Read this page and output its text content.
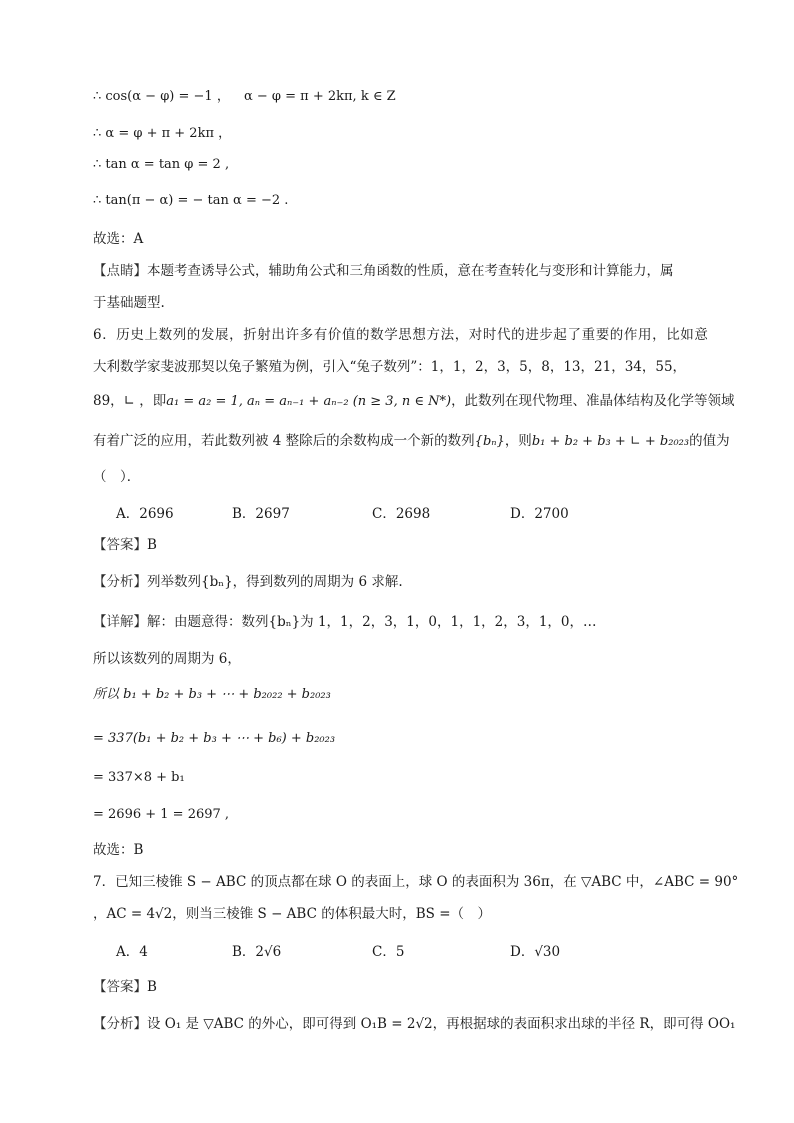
∴ cos(α − φ) = −1 ， α − φ = π + 2kπ, k ∈ Z
∴ α = φ + π + 2kπ ，
∴ tan α = tan φ = 2 ,
∴ tan(π − α) = − tan α = −2 .
故选：A
【点睛】本题考查诱导公式，辅助角公式和三角函数的性质，意在考查转化与变形和计算能力，属
于基础题型.
6．历史上数列的发展，折射出许多有价值的数学思想方法，对时代的进步起了重要的作用，比如意
大利数学家斐波那契以兔子繁殖为例，引入“兔子数列”：1，1，2，3，5，8，13，21，34，55，
89，∟ ，即a₁ = a₂ = 1, aₙ = aₙ₋₁ + aₙ₋₂ (n ≥ 3, n ∈ N*)，此数列在现代物理、准晶体结构及化学等领域
有着广泛的应用，若此数列被 4 整除后的余数构成一个新的数列{bₙ}，则b₁ + b₂ + b₃ + ∟ + b₂₀₂₃的值为
（　）．
A．2696	B．2697	C．2698	D．2700
【答案】B
【分析】列举数列{bₙ}，得到数列的周期为 6 求解.
【详解】解：由题意得：数列{bₙ}为 1，1，2，3，1，0，1，1，2，3，1，0，…
所以该数列的周期为 6，
所以 b₁ + b₂ + b₃ + ⋯ + b₂₀₂₂ + b₂₀₂₃
= 337(b₁ + b₂ + b₃ + ⋯ + b₆) + b₂₀₂₃
= 337×8 + b₁
= 2696 + 1 = 2697 ,
故选：B
7．已知三棱锥 S − ABC 的顶点都在球 O 的表面上，球 O 的表面积为 36π，在 ▽ABC 中，∠ABC = 90°
，AC = 4√2，则当三棱锥 S − ABC 的体积最大时，BS =（　）
A．4	B．2√6	C．5	D．√30
【答案】B
【分析】设 O₁ 是 ▽ABC 的外心，即可得到 O₁B = 2√2，再根据球的表面积求出球的半径 R，即可得 OO₁
